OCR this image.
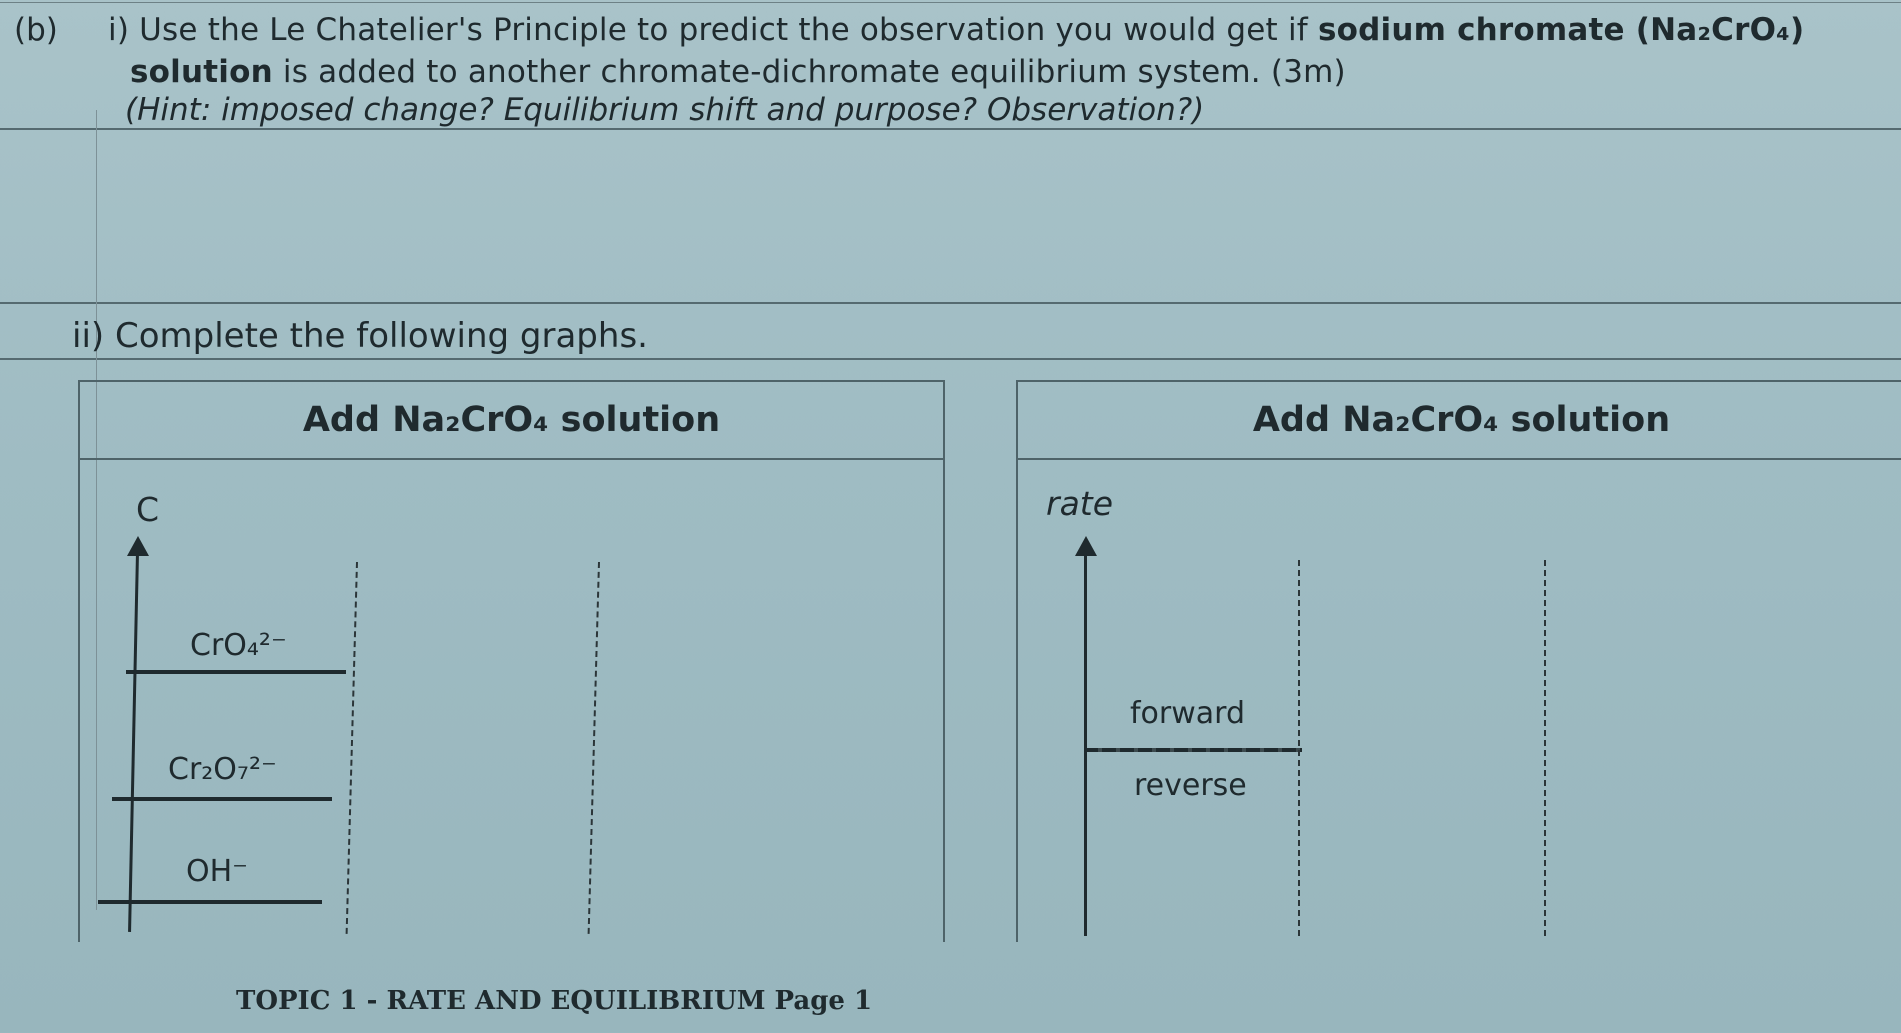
(b) i) Use the Le Chatelier's Principle to predict the observation you would get if sodium chromate (Na₂CrO₄)
solution is added to another chromate-dichromate equilibrium system. (3m)
(Hint: imposed change? Equilibrium shift and purpose? Observation?)
ii) Complete the following graphs.
Add Na₂CrO₄ solution
C
CrO₄²⁻
Cr₂O₇²⁻
OH⁻
Add Na₂CrO₄ solution
rate
forward
reverse
TOPIC 1 - RATE AND EQUILIBRIUM Page 1
